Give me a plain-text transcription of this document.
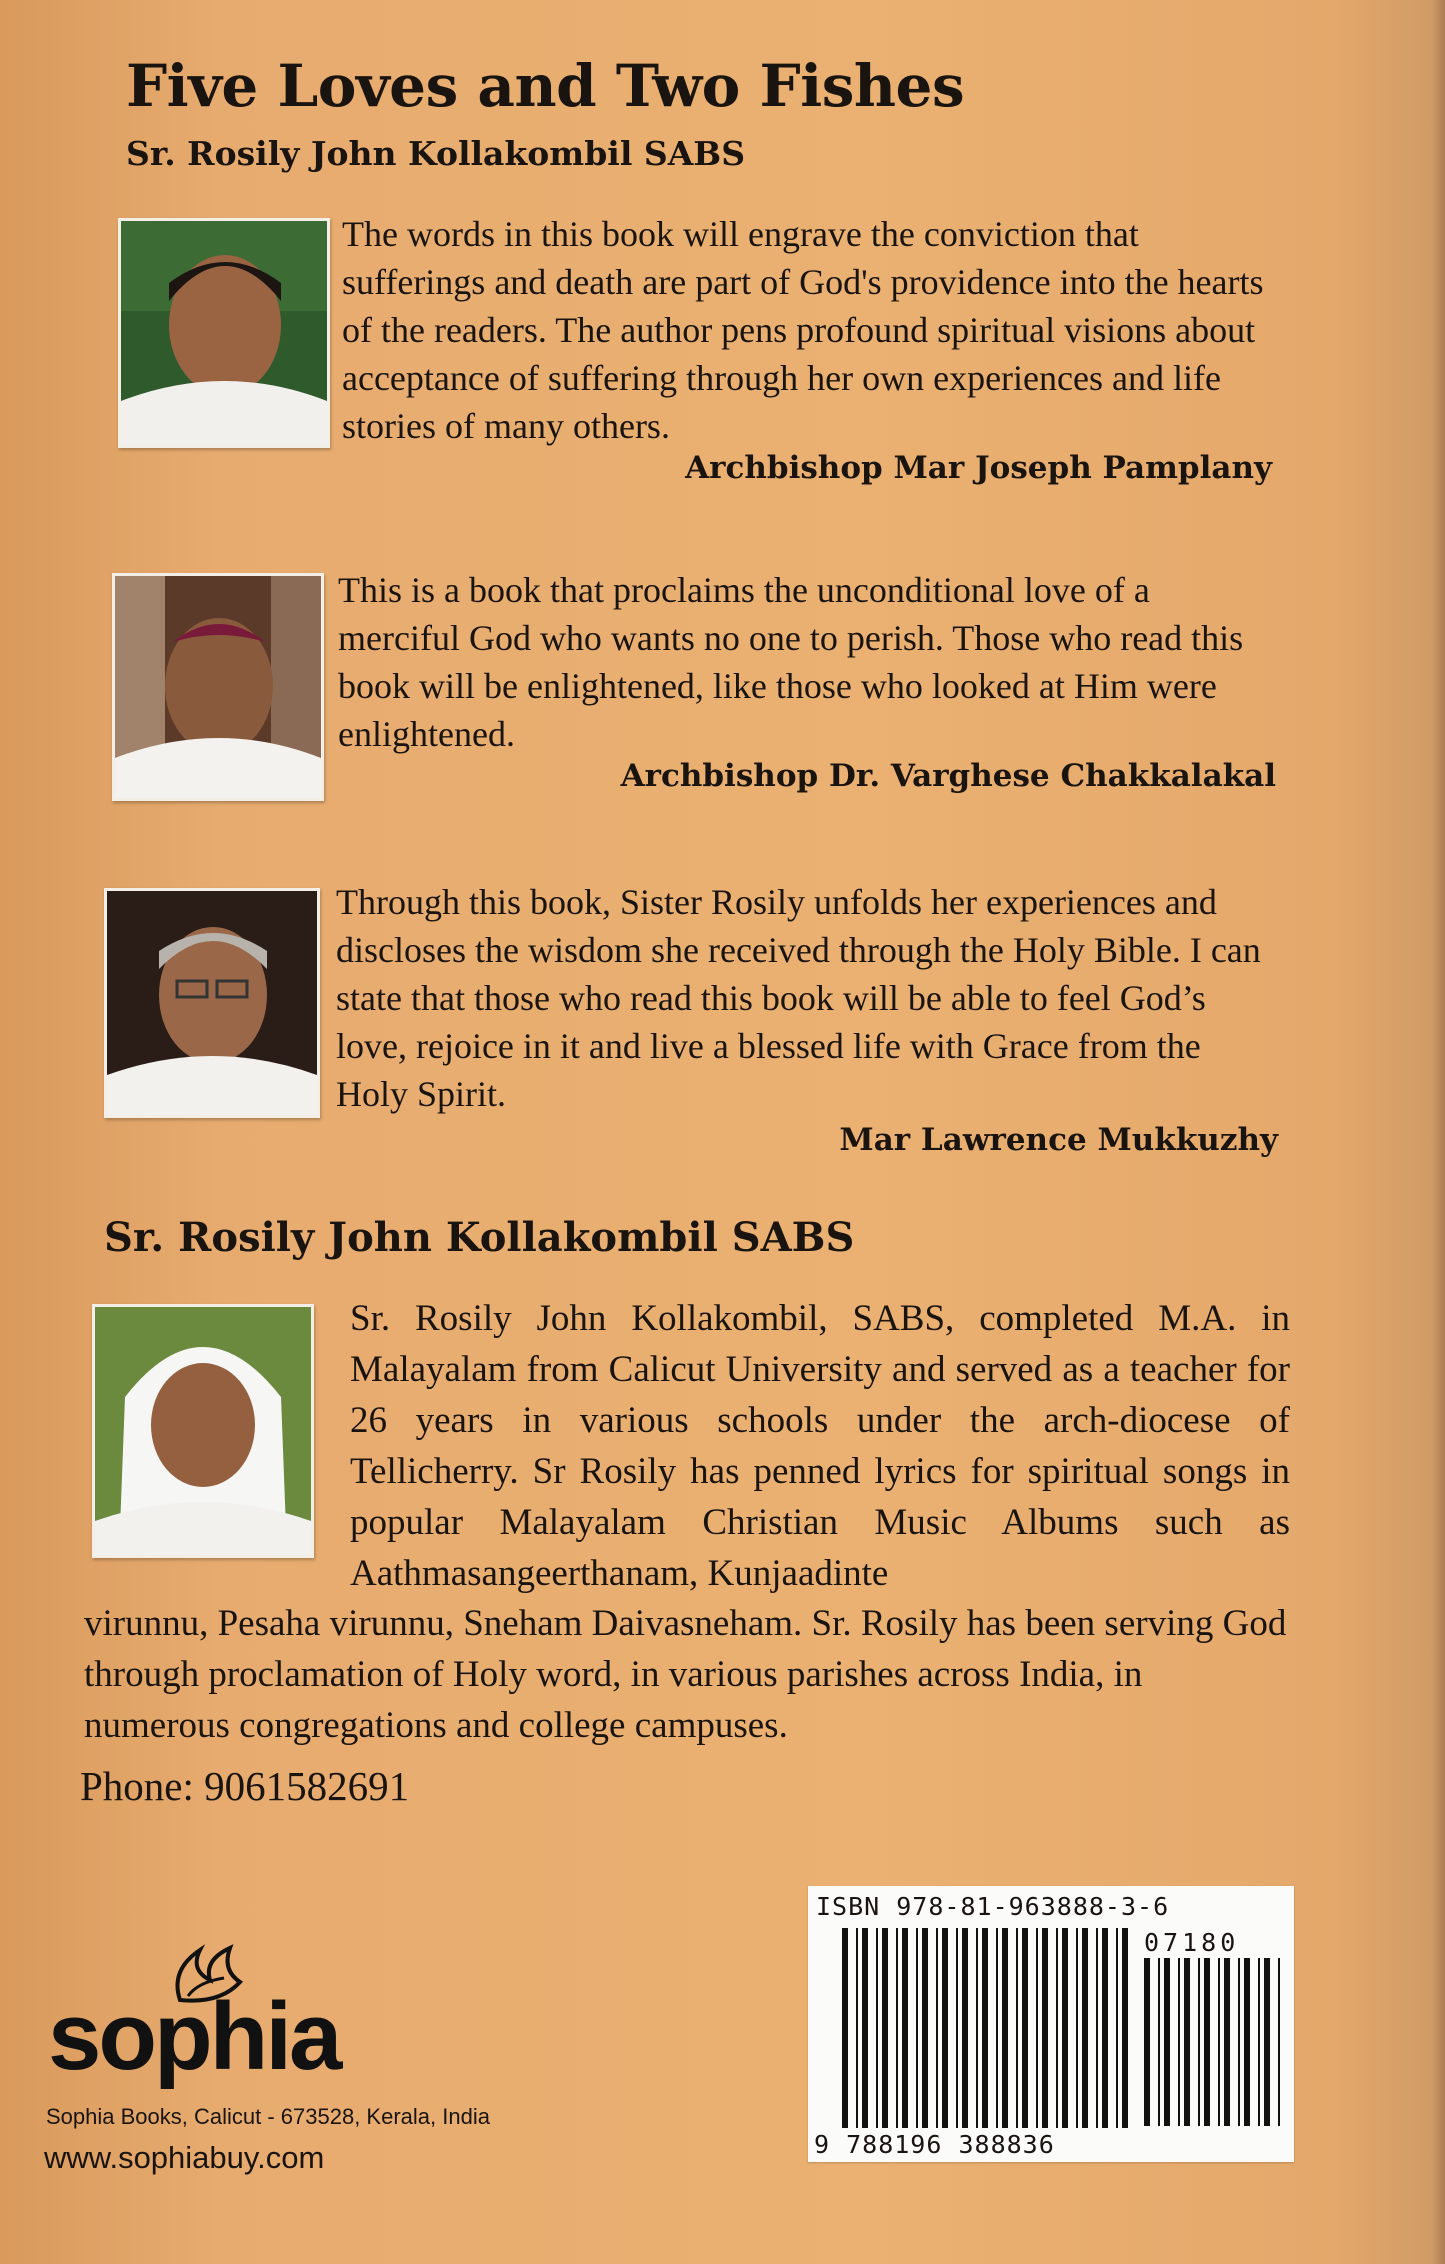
Five Loves and Two Fishes
Sr. Rosily John Kollakombil SABS

The words in this book will engrave the conviction that sufferings and death are part of God's providence into the hearts of the readers. The author pens profound spiritual visions about acceptance of suffering through her own experiences and life stories of many others.

Archbishop Mar Joseph Pamplany

This is a book that proclaims the unconditional love of a merciful God who wants no one to perish. Those who read this book will be enlightened, like those who looked at Him were enlightened.

Archbishop Dr. Varghese Chakkalakal

Through this book, Sister Rosily unfolds her experiences and discloses the wisdom she received through the Holy Bible. I can state that those who read this book will be able to feel God’s love, rejoice in it and live a blessed life with Grace from the Holy Spirit.

Mar Lawrence Mukkuzhy
Sr. Rosily John Kollakombil SABS

Sr. Rosily John Kollakombil, SABS, completed M.A. in Malayalam from Calicut University and served as a teacher for 26 years in various schools under the arch-diocese of Tellicherry. Sr Rosily has penned lyrics for spiritual songs in popular Malayalam Christian Music Albums such as Aathmasangeerthanam, Kunjaadinte

virunnu, Pesaha virunnu, Sneham Daivasneham. Sr. Rosily has been serving God through proclamation of Holy word, in various parishes across India, in numerous congregations and college campuses.

Phone: 9061582691
sophia
Sophia Books, Calicut - 673528, Kerala, India
www.sophiabuy.com
ISBN 978-81-963888-3-6
07180
9 788196 388836
